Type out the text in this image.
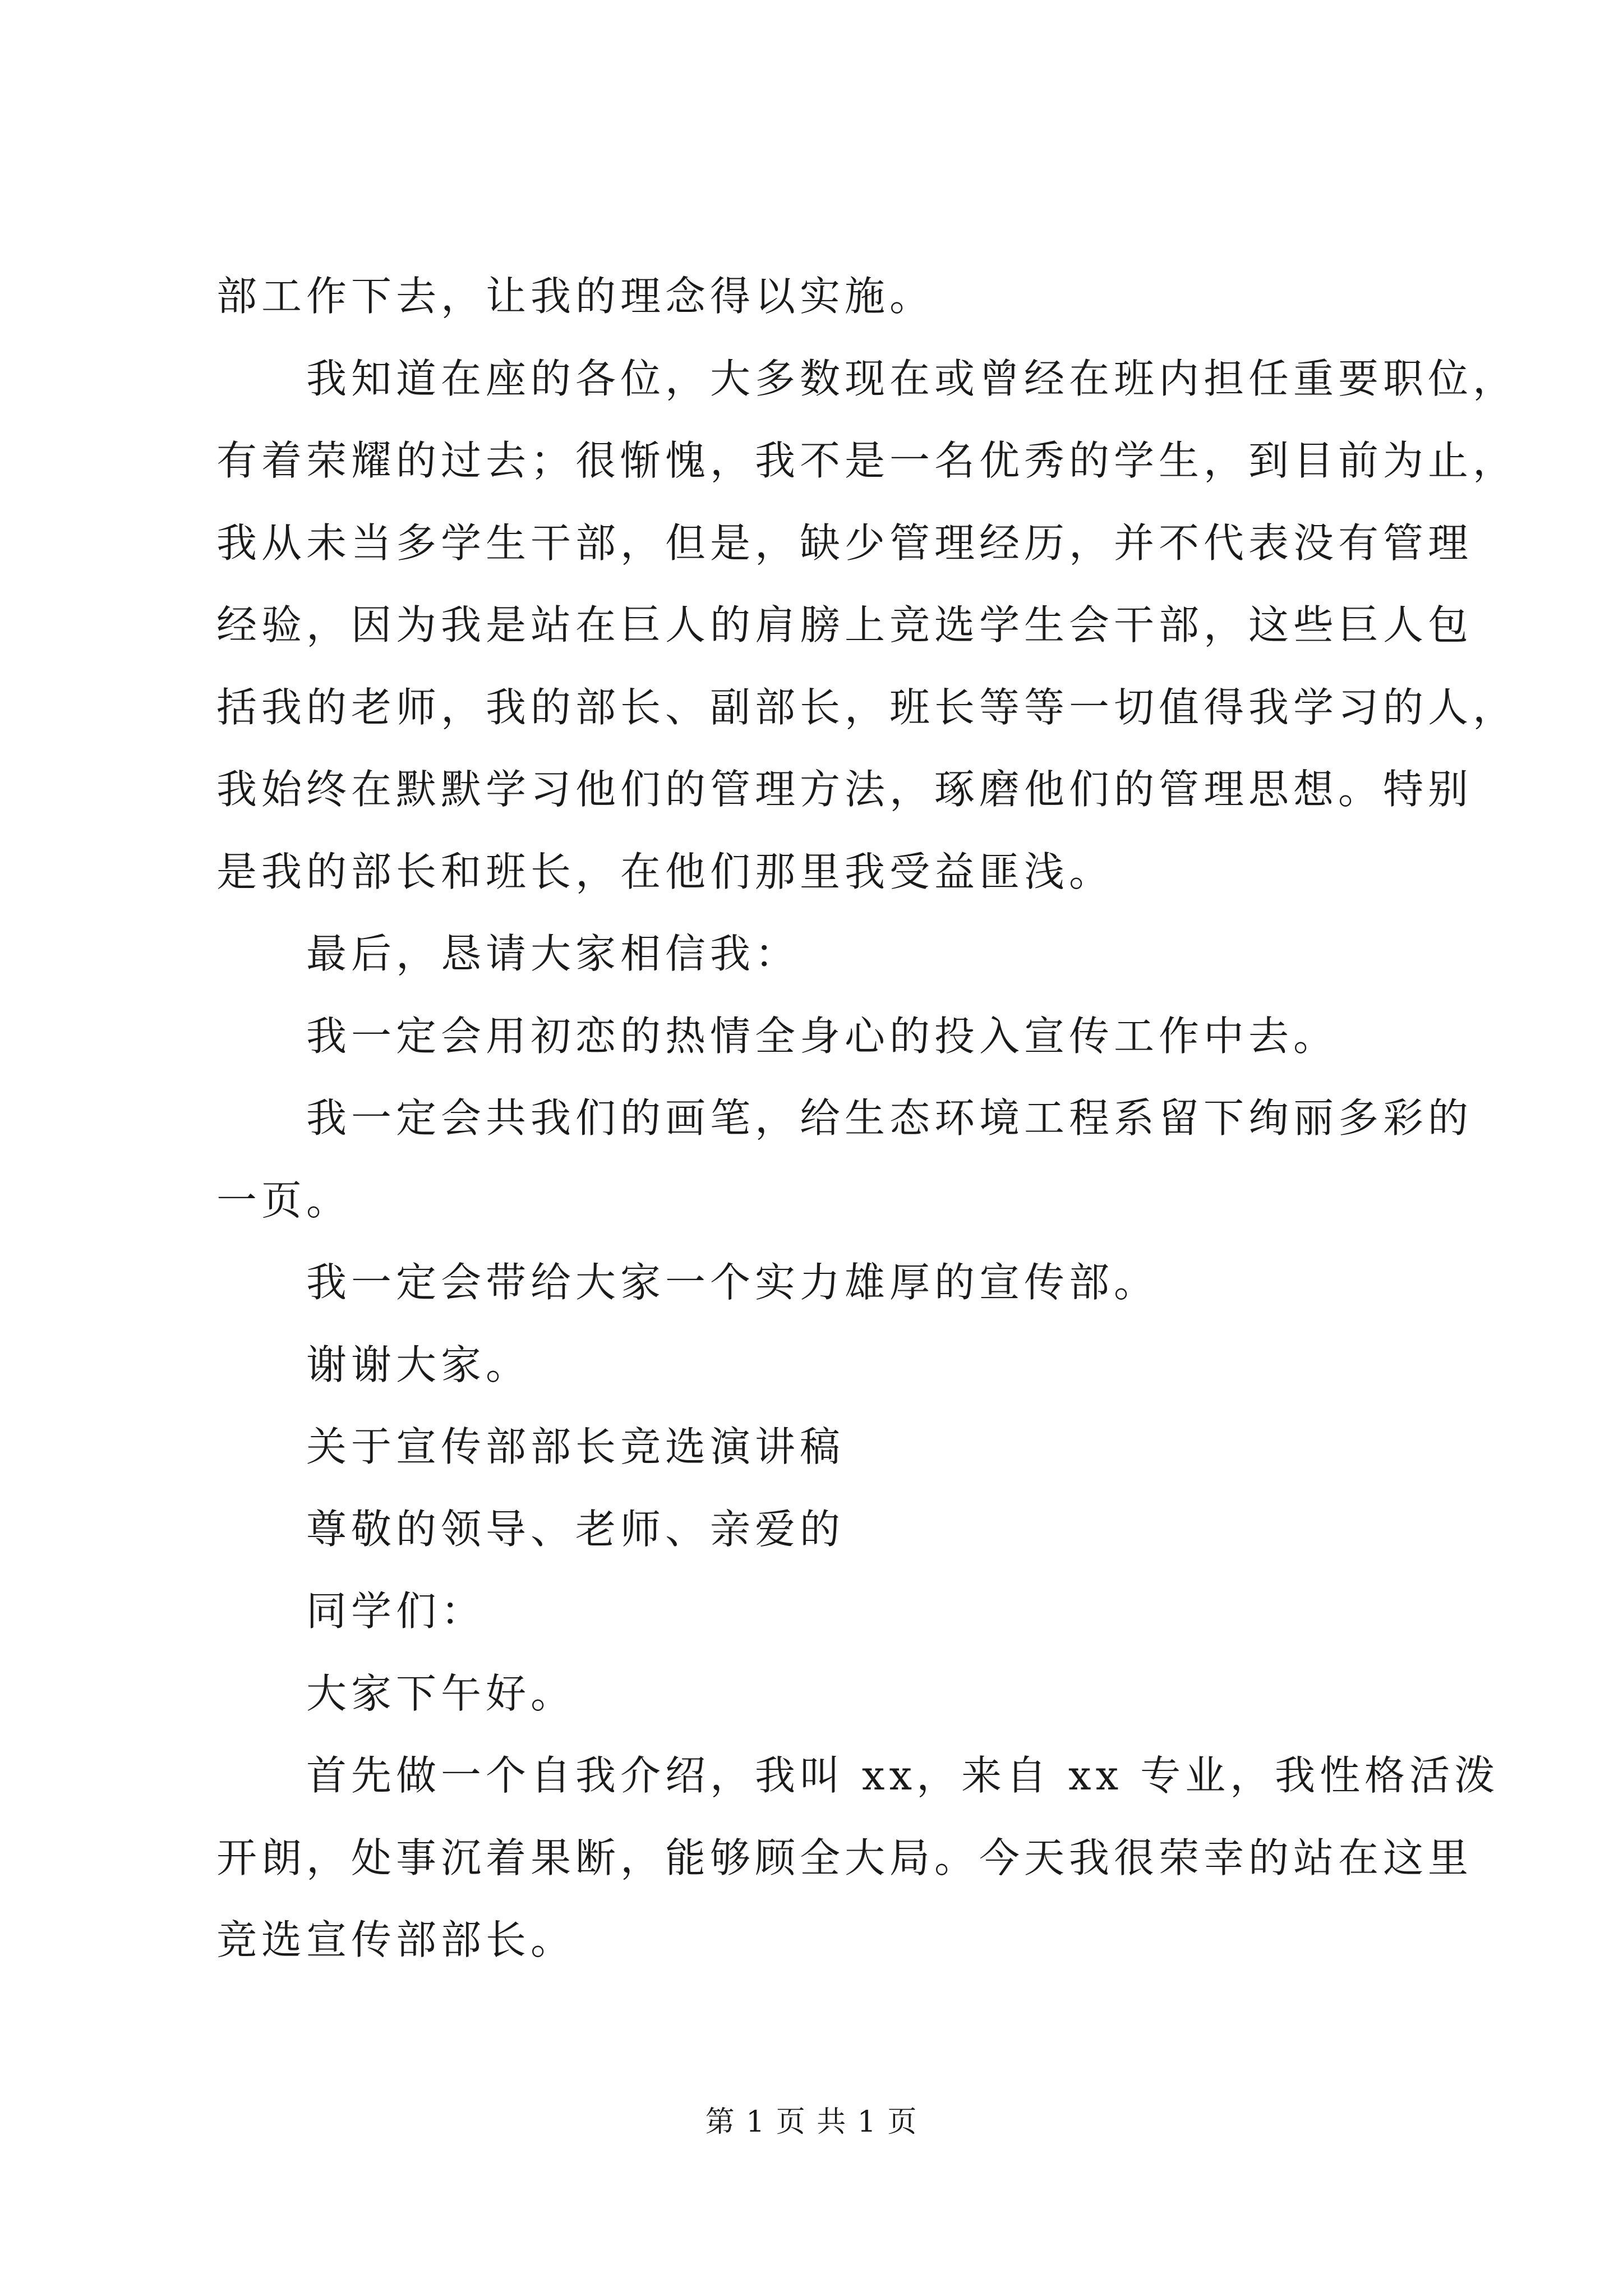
部工作下去，让我的理念得以实施。
我知道在座的各位，大多数现在或曾经在班内担任重要职位，
有着荣耀的过去；很惭愧，我不是一名优秀的学生，到目前为止，
我从未当多学生干部，但是，缺少管理经历，并不代表没有管理
经验，因为我是站在巨人的肩膀上竞选学生会干部，这些巨人包
括我的老师，我的部长、副部长，班长等等一切值得我学习的人，
我始终在默默学习他们的管理方法，琢磨他们的管理思想。特别
是我的部长和班长，在他们那里我受益匪浅。
最后，恳请大家相信我：
我一定会用初恋的热情全身心的投入宣传工作中去。
我一定会共我们的画笔，给生态环境工程系留下绚丽多彩的
一页。
我一定会带给大家一个实力雄厚的宣传部。
谢谢大家。
关于宣传部部长竞选演讲稿
尊敬的领导、老师、亲爱的
同学们：
大家下午好。
首先做一个自我介绍，我叫 xx，来自 xx 专业，我性格活泼
开朗，处事沉着果断，能够顾全大局。今天我很荣幸的站在这里
竞选宣传部部长。
第 1 页 共 1 页
